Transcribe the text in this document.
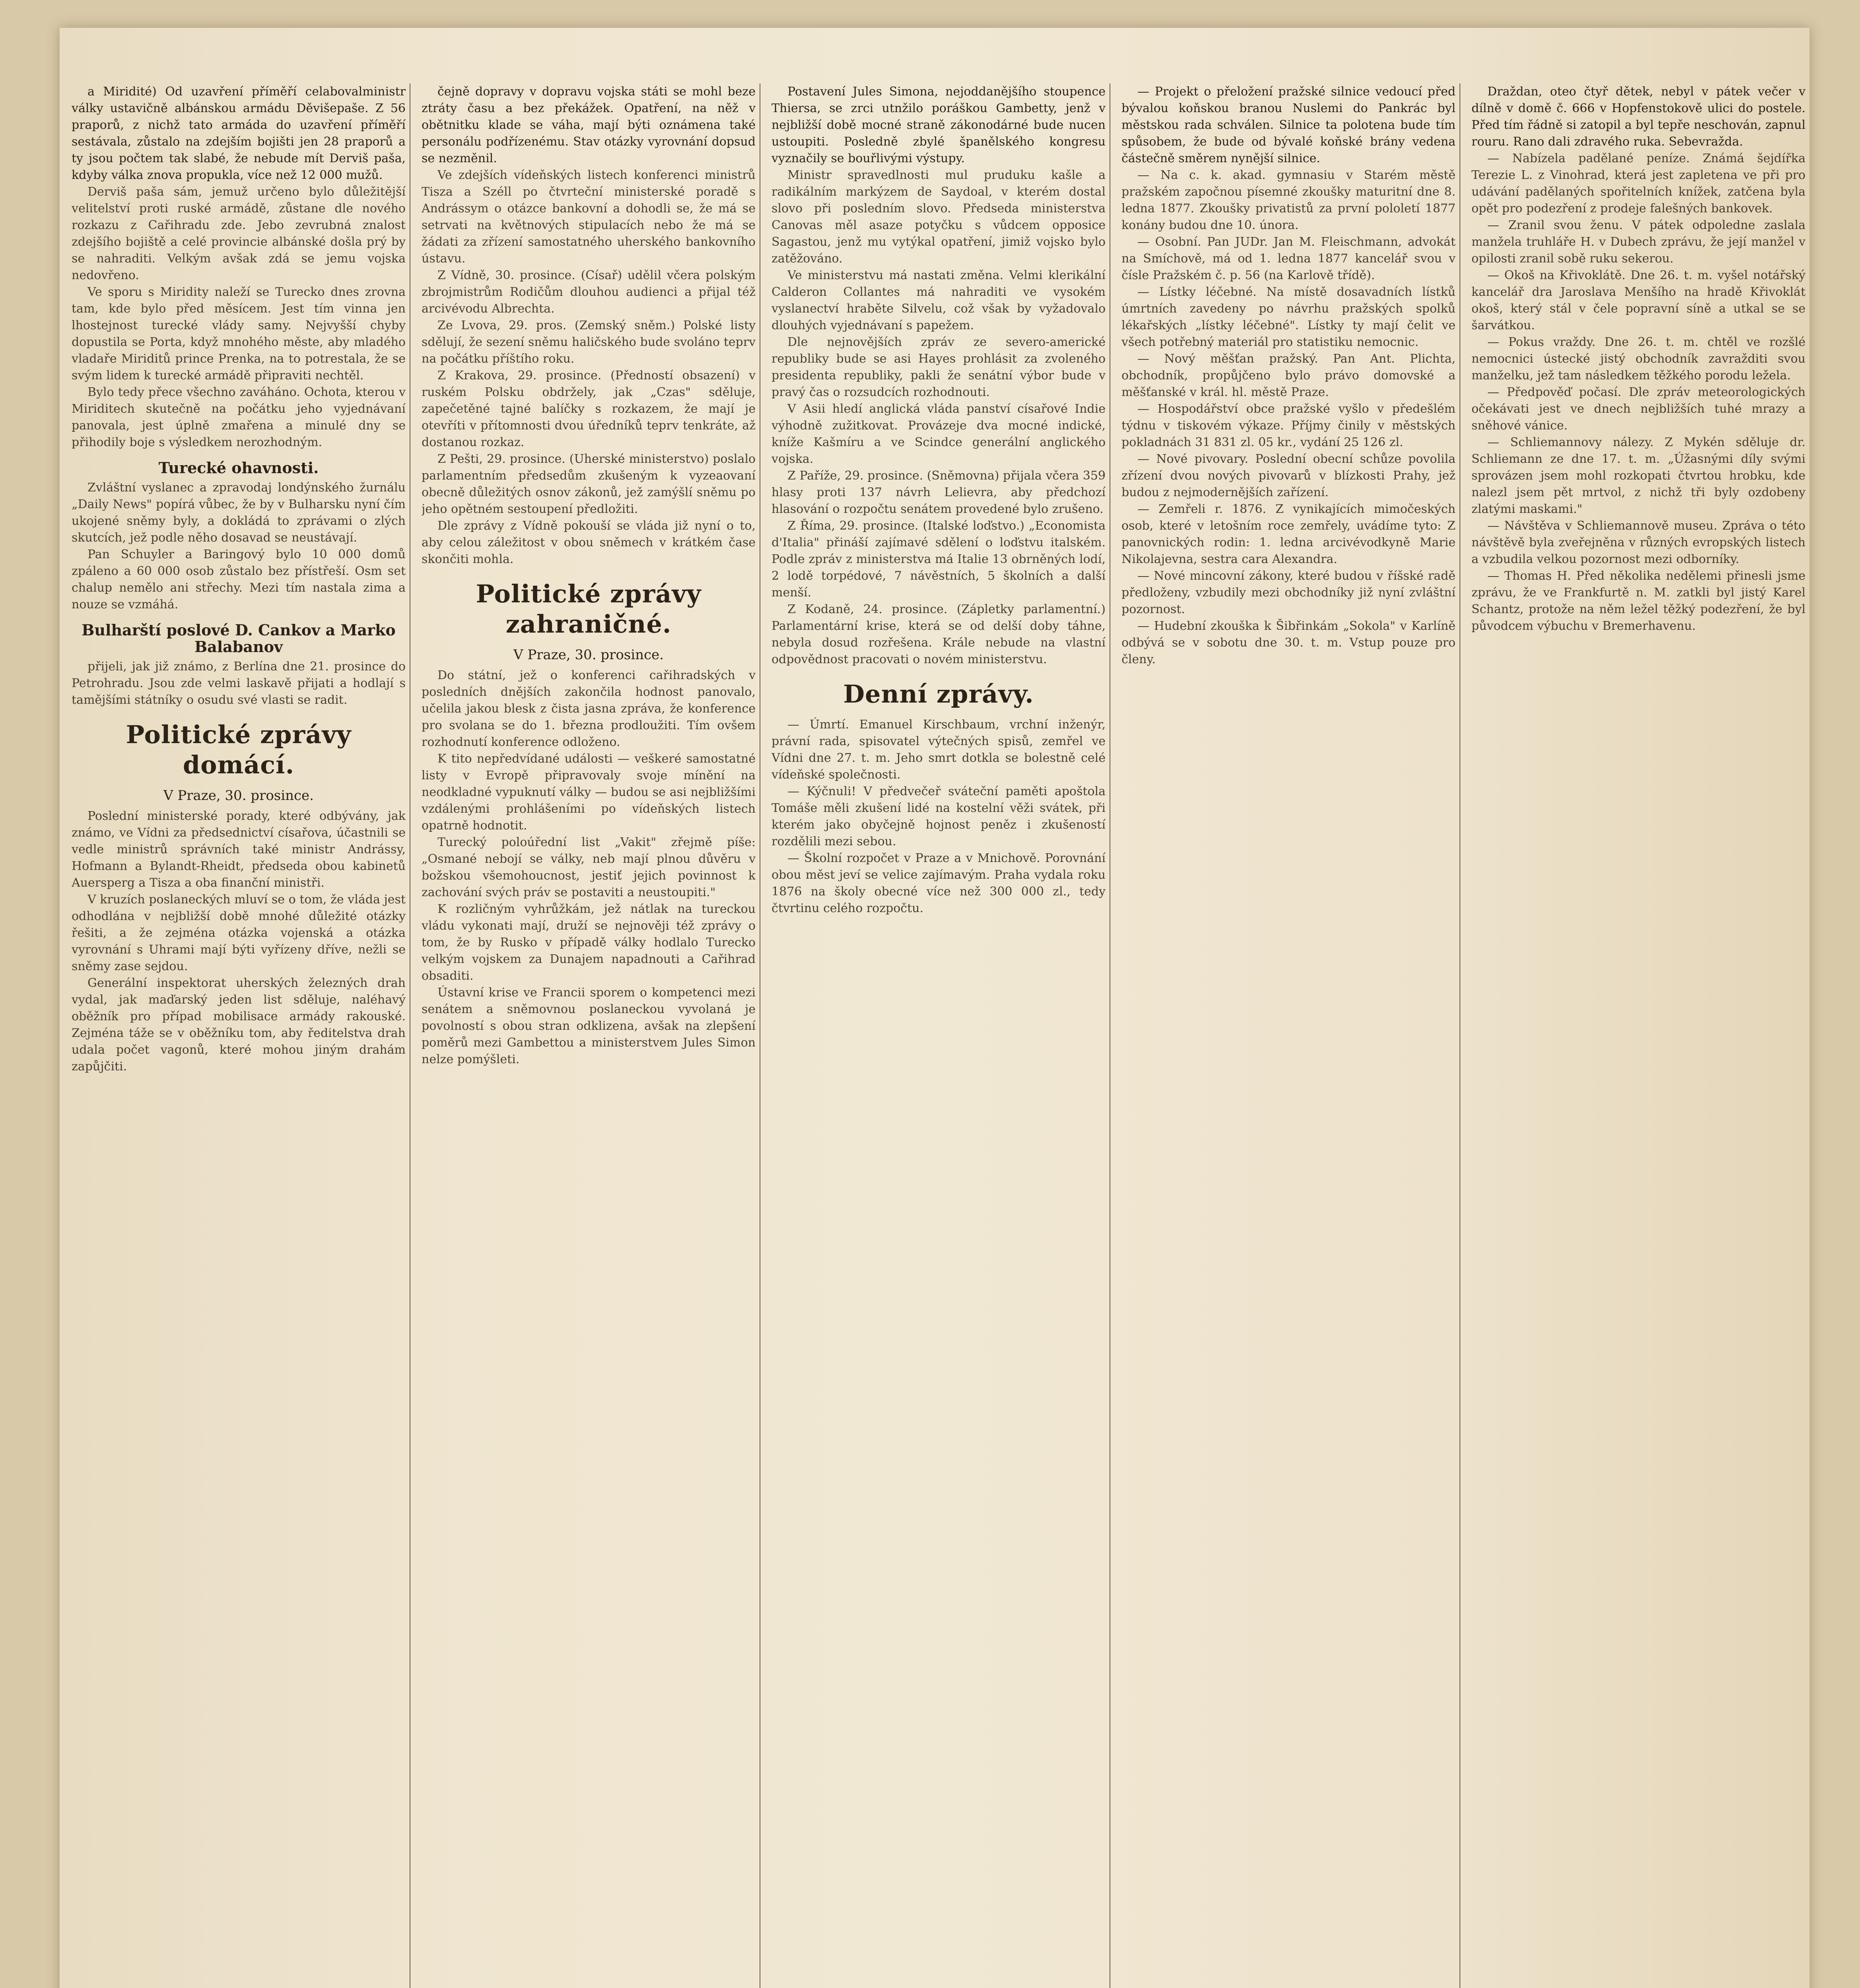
a Miridité) Od uzavření příměří celabovalministr války ustavičně albánskou armádu Děvišepaše. Z 56 praporů, z nichž tato armáda do uzavření příměří sestávala, zůstalo na zdejším bojišti jen 28 praporů a ty jsou počtem tak slabé, že nebude mít Derviš paša, kdyby válka znova propukla, více než 12 000 mužů.

Derviš paša sám, jemuž určeno bylo důležitější velitelství proti ruské armádě, zůstane dle nového rozkazu z Cařihradu zde. Jebo zevrubná znalost zdejšího bojiště a celé provincie albánské došla prý by se nahraditi. Velkým avšak zdá se jemu vojska nedovřeno.

Ve sporu s Miridity naleží se Turecko dnes zrovna tam, kde bylo před měsícem. Jest tím vinna jen lhostejnost turecké vlády samy. Nejvyšší chyby dopustila se Porta, když mnohého měste, aby mladého vladaře Miriditů prince Prenka, na to potrestala, že se svým lidem k turecké armádě připraviti nechtěl.

Bylo tedy přece všechno zaváháno. Ochota, kterou v Miriditech skutečně na počátku jeho vyjednávaní panovala, jest úplně zmařena a minulé dny se přihodily boje s výsledkem nerozhodným.

Turecké ohavnosti.

Zvláštní vyslanec a zpravodaj londýnského žurnálu „Daily News" popírá vůbec, že by v Bulharsku nyní čím ukojené sněmy byly, a dokládá to zprávami o zlých skutcích, jež podle něho dosavad se neustávají.

Pan Schuyler a Baringový bylo 10 000 domů zpáleno a 60 000 osob zůstalo bez přístřeší. Osm set chalup nemělo ani střechy. Mezi tím nastala zima a nouze se vzmáhá.

Bulharští poslové D. Cankov a Marko Balabanov

přijeli, jak již známo, z Berlína dne 21. prosince do Petrohradu. Jsou zde velmi laskavě přijati a hodlají s tamějšími státníky o osudu své vlasti se radit.

Politické zprávy domácí.
V Praze, 30. prosince.

Poslední ministerské porady, které odbývány, jak známo, ve Vídni za předsednictví císařova, účastnili se vedle ministrů správních také ministr Andrássy, Hofmann a Bylandt-Rheidt, předseda obou kabinetů Auersperg a Tisza a oba finanční ministři.

V kruzích poslaneckých mluví se o tom, že vláda jest odhodlána v nejbližší době mnohé důležité otázky řešiti, a že zejména otázka vojenská a otázka vyrovnání s Uhrami mají býti vyřízeny dříve, nežli se sněmy zase sejdou.

Generální inspektorat uherských železných drah vydal, jak maďarský jeden list sděluje, naléhavý oběžník pro případ mobilisace armády rakouské. Zejména táže se v oběžníku tom, aby ředitelstva drah udala počet vagonů, které mohou jiným drahám zapůjčiti.

čejně dopravy v dopravu vojska státi se mohl beze ztráty času a bez překážek. Opatření, na něž v obětnitku klade se váha, mají býti oznámena také personálu podřízenému. Stav otázky vyrovnání dopsud se nezměnil.

Ve zdejších vídeňských listech konferenci ministrů Tisza a Széll po čtvrteční ministerské poradě s Andrássym o otázce bankovní a dohodli se, že má se setrvati na květnových stipulacích nebo že má se žádati za zřízení samostatného uherského bankovního ústavu.

Z Vídně, 30. prosince. (Císař) udělil včera polským zbrojmistrům Rodičům dlouhou audienci a přijal též arcivévodu Albrechta.

Ze Lvova, 29. pros. (Zemský sněm.) Polské listy sdělují, že sezení sněmu haličského bude svoláno teprv na počátku příštího roku.

Z Krakova, 29. prosince. (Předností obsazení) v ruském Polsku obdržely, jak „Czas" sděluje, zapečetěné tajné balíčky s rozkazem, že mají je otevříti v přítomnosti dvou úředníků teprv tenkráte, až dostanou rozkaz.

Z Pešti, 29. prosince. (Uherské ministerstvo) poslalo parlamentním předsedům zkušeným k vyzeaovaní obecně důležitých osnov zákonů, jež zamýšlí sněmu po jeho opětném sestoupení předložiti.

Dle zprávy z Vídně pokouší se vláda již nyní o to, aby celou záležitost v obou sněmech v krátkém čase skončiti mohla.

Politické zprávy zahraničné.
V Praze, 30. prosince.

Do státní, jež o konferenci cařihradských v posledních dnějších zakončila hodnost panovalo, učelila jakou blesk z čista jasna zpráva, že konference pro svolana se do 1. března prodloužiti. Tím ovšem rozhodnutí konference odloženo.

K tito nepředvídané události — veškeré samostatné listy v Evropě připravovaly svoje mínění na neodkladné vypuknutí války — budou se asi nejbližšími vzdálenými prohlášeními po vídeňských listech opatrně hodnotit.

Turecký poloúřední list „Vakit" zřejmě píše: „Osmané nebojí se války, neb mají plnou důvěru v božskou všemohoucnost, jestiť jejich povinnost k zachování svých práv se postaviti a neustoupiti."

K rozličným vyhrůžkám, jež nátlak na tureckou vládu vykonati mají, druží se nejnověji též zprávy o tom, že by Rusko v případě války hodlalo Turecko velkým vojskem za Dunajem napadnouti a Cařihrad obsaditi.

Ústavní krise ve Francii sporem o kompetenci mezi senátem a sněmovnou poslaneckou vyvolaná je povolností s obou stran odklizena, avšak na zlepšení poměrů mezi Gambettou a ministerstvem Jules Simon nelze pomýšleti.

Postavení Jules Simona, nejoddanějšího stoupence Thiersa, se zrci utnžilo poráškou Gambetty, jenž v nejbližší době mocné straně zákonodárné bude nucen ustoupiti. Posledně zbylé španělského kongresu vyznačily se bouřlivými výstupy.

Ministr spravedlnosti mul pruduku kašle a radikálním markýzem de Saydoal, v kterém dostal slovo při posledním slovo. Předseda ministerstva Canovas měl asaze potyčku s vůdcem opposice Sagastou, jenž mu vytýkal opatření, jimiž vojsko bylo zatěžováno.

Ve ministerstvu má nastati změna. Velmi klerikální Calderon Collantes má nahraditi ve vysokém vyslanectví hraběte Silvelu, což však by vyžadovalo dlouhých vyjednávaní s papežem.

Dle nejnovějších zpráv ze severo-americké republiky bude se asi Hayes prohlásit za zvoleného presidenta republiky, pakli že senátní výbor bude v pravý čas o rozsudcích rozhodnouti.

V Asii hledí anglická vláda panství císařové Indie výhodně zužitkovat. Provázeje dva mocné indické, kníže Kašmíru a ve Scindce generální anglického vojska.

Z Paříže, 29. prosince. (Sněmovna) přijala včera 359 hlasy proti 137 návrh Lelievra, aby předchozí hlasování o rozpočtu senátem provedené bylo zrušeno.

Z Říma, 29. prosince. (Italské loďstvo.) „Economista d'Italia" přináší zajímavé sdělení o loďstvu italském. Podle zpráv z ministerstva má Italie 13 obrněných lodí, 2 lodě torpédové, 7 návěstních, 5 školních a další menší.

Z Kodaně, 24. prosince. (Zápletky parlamentní.) Parlamentární krise, která se od delší doby táhne, nebyla dosud rozřešena. Krále nebude na vlastní odpovědnost pracovati o novém ministerstvu.

Denní zprávy.

— Úmrtí. Emanuel Kirschbaum, vrchní inženýr, právní rada, spisovatel výtečných spisů, zemřel ve Vídni dne 27. t. m. Jeho smrt dotkla se bolestně celé vídeňské společnosti.

— Kýčnuli! V předvečeř sváteční paměti apoštola Tomáše měli zkušení lidé na kostelní věži svátek, při kterém jako obyčejně hojnost peněz i zkušeností rozdělili mezi sebou.

— Školní rozpočet v Praze a v Mnichově. Porovnání obou měst jeví se velice zajímavým. Praha vydala roku 1876 na školy obecné více než 300 000 zl., tedy čtvrtinu celého rozpočtu.

— Projekt o přeložení pražské silnice vedoucí před bývalou koňskou branou Nuslemi do Pankrác byl městskou rada schválen. Silnice ta polotena bude tím spůsobem, že bude od bývalé koňské brány vedena částečně směrem nynější silnice.

— Na c. k. akad. gymnasiu v Starém městě pražském započnou písemné zkoušky maturitní dne 8. ledna 1877. Zkoušky privatistů za první pololetí 1877 konány budou dne 10. února.

— Osobní. Pan JUDr. Jan M. Fleischmann, advokát na Smíchově, má od 1. ledna 1877 kancelář svou v čísle Pražském č. p. 56 (na Karlově třídě).

— Lístky léčebné. Na místě dosavadních lístků úmrtních zavedeny po návrhu pražských spolků lékařských „lístky léčebné". Lístky ty mají čelit ve všech potřebný materiál pro statistiku nemocnic.

— Nový měšťan pražský. Pan Ant. Plichta, obchodník, propůjčeno bylo právo domovské a měšťanské v král. hl. městě Praze.

— Hospodářství obce pražské vyšlo v předešlém týdnu v tiskovém výkaze. Příjmy činily v městských pokladnách 31 831 zl. 05 kr., vydání 25 126 zl.

— Nové pivovary. Poslední obecní schůze povolila zřízení dvou nových pivovarů v blízkosti Prahy, jež budou z nejmodernějších zařízení.

— Zemřeli r. 1876. Z vynikajících mimočeských osob, které v letošním roce zemřely, uvádíme tyto: Z panovnických rodin: 1. ledna arcivévodkyně Marie Nikolajevna, sestra cara Alexandra.

— Nové mincovní zákony, které budou v říšské radě předloženy, vzbudily mezi obchodníky již nyní zvláštní pozornost.

— Hudební zkouška k Šibřinkám „Sokola" v Karlíně odbývá se v sobotu dne 30. t. m. Vstup pouze pro členy.

Draždan, oteo čtyř dětek, nebyl v pátek večer v dílně v domě č. 666 v Hopfenstokově ulici do postele. Před tím řádně si zatopil a byl tepře neschován, zapnul rouru. Rano dali zdravého ruka. Sebevražda.

— Nabízela padělané peníze. Známá šejdířka Terezie L. z Vinohrad, která jest zapletena ve při pro udávání padělaných spořitelních knížek, zatčena byla opět pro podezření z prodeje falešných bankovek.

— Zranil svou ženu. V pátek odpoledne zaslala manžela truhláře H. v Dubech zprávu, že její manžel v opilosti zranil sobě ruku sekerou.

— Okoš na Křivoklátě. Dne 26. t. m. vyšel notářský kancelář dra Jaroslava Menšího na hradě Křivoklát okoš, který stál v čele popravní síně a utkal se se šarvátkou.

— Pokus vraždy. Dne 26. t. m. chtěl ve rozšlé nemocnici ústecké jistý obchodník zavražditi svou manželku, jež tam následkem těžkého porodu ležela.

— Předpověď počasí. Dle zpráv meteorologických očekávati jest ve dnech nejbližších tuhé mrazy a sněhové vánice.

— Schliemannovy nálezy. Z Mykén sděluje dr. Schliemann ze dne 17. t. m. „Úžasnými díly svými sprovázen jsem mohl rozkopati čtvrtou hrobku, kde nalezl jsem pět mrtvol, z nichž tři byly ozdobeny zlatými maskami."

— Návštěva v Schliemannově museu. Zpráva o této návštěvě byla zveřejněna v různých evropských listech a vzbudila velkou pozornost mezi odborníky.

— Thomas H. Před několika nedělemi přinesli jsme zprávu, že ve Frankfurtě n. M. zatkli byl jistý Karel Schantz, protože na něm ležel těžký podezření, že byl původcem výbuchu v Bremerhavenu.
